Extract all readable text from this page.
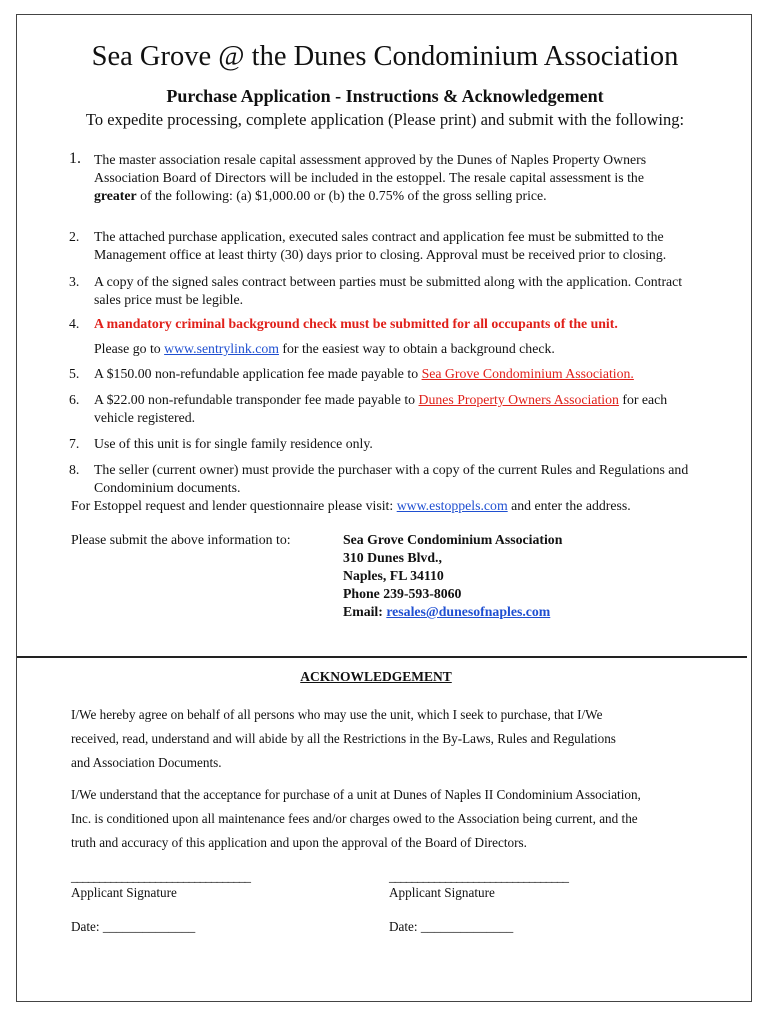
Sea Grove @ the Dunes Condominium Association
Purchase Application - Instructions & Acknowledgement
To expedite processing, complete application (Please print) and submit with the following:
1. The master association resale capital assessment approved by the Dunes of Naples Property Owners
Association Board of Directors will be included in the estoppel. The resale capital assessment is the
greater of the following: (a) $1,000.00 or (b) the 0.75% of the gross selling price.
2. The attached purchase application, executed sales contract and application fee must be submitted to the
Management office at least thirty (30) days prior to closing. Approval must be received prior to closing.
3. A copy of the signed sales contract between parties must be submitted along with the application. Contract
sales price must be legible.
4. A mandatory criminal background check must be submitted for all occupants of the unit.
Please go to www.sentrylink.com for the easiest way to obtain a background check.
5. A $150.00 non-refundable application fee made payable to Sea Grove Condominium Association.
6. A $22.00 non-refundable transponder fee made payable to Dunes Property Owners Association for each
vehicle registered.
7. Use of this unit is for single family residence only.
8. The seller (current owner) must provide the purchaser with a copy of the current Rules and Regulations and
Condominium documents.
For Estoppel request and lender questionnaire please visit: www.estoppels.com and enter the address.
Please submit the above information to:	Sea Grove Condominium Association
310 Dunes Blvd.,
Naples, FL 34110
Phone 239-593-8060
Email: resales@dunesofnaples.com
ACKNOWLEDGEMENT
I/We hereby agree on behalf of all persons who may use the unit, which I seek to purchase, that I/We
received, read, understand and will abide by all the Restrictions in the By-Laws, Rules and Regulations
and Association Documents.
I/We understand that the acceptance for purchase of a unit at Dunes of Naples II Condominium Association,
Inc. is conditioned upon all maintenance fees and/or charges owed to the Association being current, and the
truth and accuracy of this application and upon the approval of the Board of Directors.
________________________________	________________________________
Applicant Signature	Applicant Signature
Date: ______________	Date: ______________
